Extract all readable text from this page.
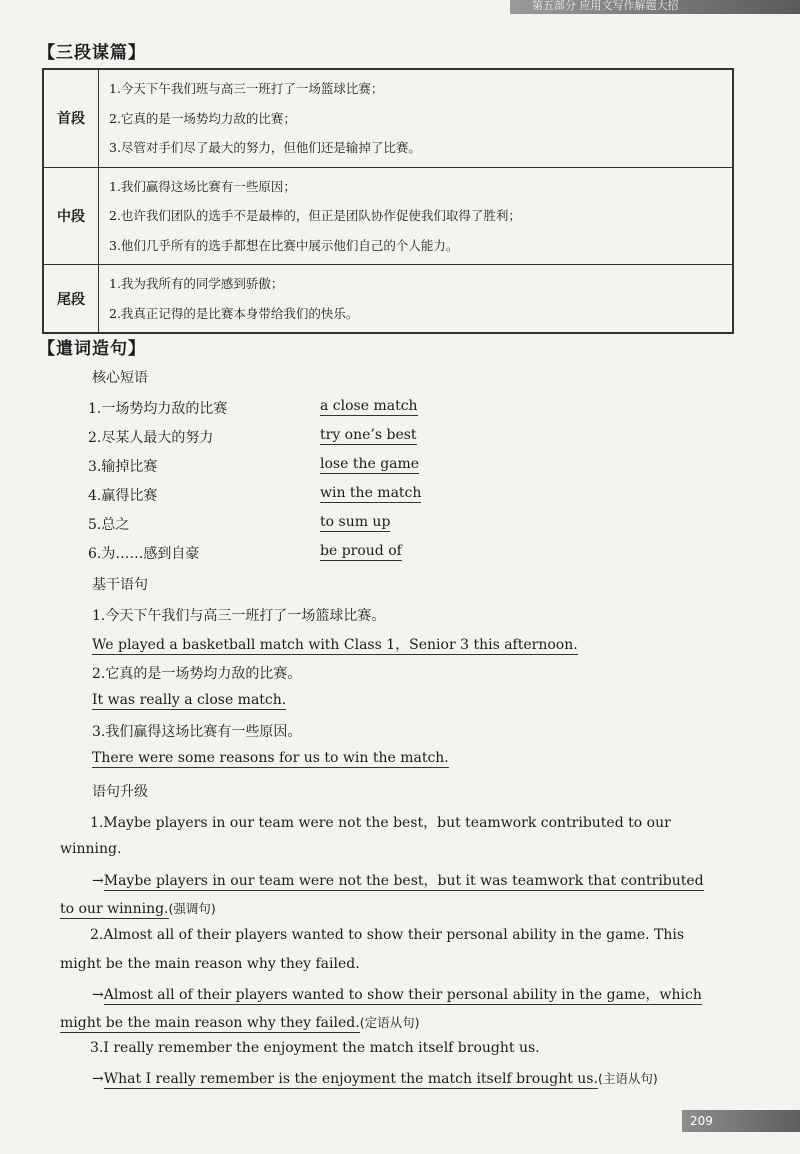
第五部分 应用文写作解题大招
【三段谋篇】
首段	1.今天下午我们班与高三一班打了一场篮球比赛；
2.它真的是一场势均力敌的比赛；
3.尽管对手们尽了最大的努力，但他们还是输掉了比赛。

中段	1.我们赢得这场比赛有一些原因；
2.也许我们团队的选手不是最棒的，但正是团队协作促使我们取得了胜利；
3.他们几乎所有的选手都想在比赛中展示他们自己的个人能力。

尾段	1.我为我所有的同学感到骄傲；
2.我真正记得的是比赛本身带给我们的快乐。
【遣词造句】
核心短语
1.一场势均力敌的比赛	a close match
2.尽某人最大的努力	try one’s best
3.输掉比赛	lose the game
4.赢得比赛	win the match
5.总之	to sum up
6.为……感到自豪	be proud of
基干语句
1.今天下午我们与高三一班打了一场篮球比赛。
We played a basketball match with Class 1，Senior 3 this afternoon.
2.它真的是一场势均力敌的比赛。
It was really a close match.
3.我们赢得这场比赛有一些原因。
There were some reasons for us to win the match.
语句升级
1.Maybe players in our team were not the best，but teamwork contributed to our
winning.
→Maybe players in our team were not the best，but it was teamwork that contributed
to our winning.(强调句)
2.Almost all of their players wanted to show their personal ability in the game. This
might be the main reason why they failed.
→Almost all of their players wanted to show their personal ability in the game，which
might be the main reason why they failed.(定语从句)
3.I really remember the enjoyment the match itself brought us.
→What I really remember is the enjoyment the match itself brought us.(主语从句)
209
